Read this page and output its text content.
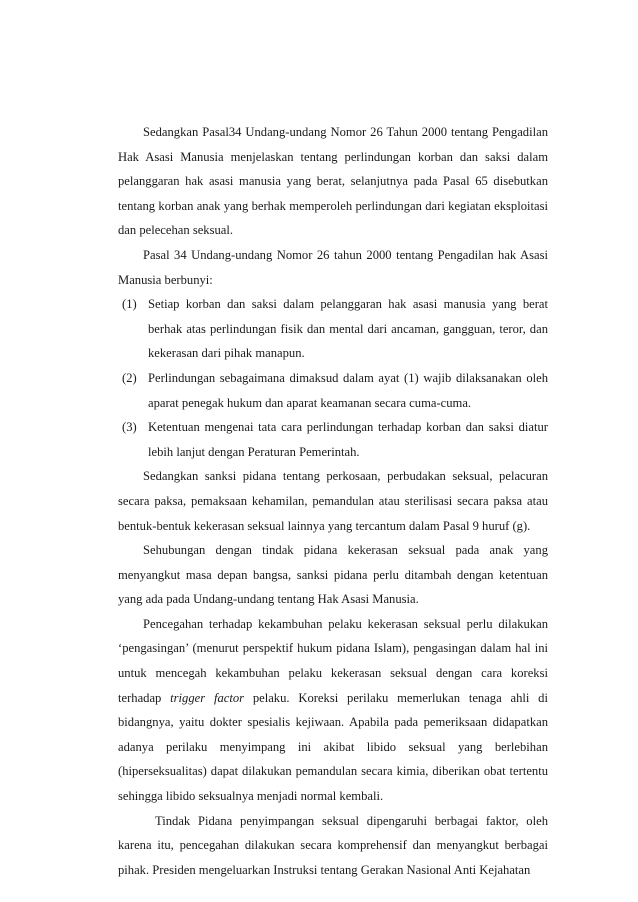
Sedangkan Pasal34 Undang-undang Nomor 26 Tahun 2000 tentang Pengadilan Hak Asasi Manusia menjelaskan tentang perlindungan korban dan saksi dalam pelanggaran hak asasi manusia yang berat, selanjutnya pada Pasal 65 disebutkan tentang korban anak yang berhak memperoleh perlindungan dari kegiatan eksploitasi dan pelecehan seksual.

Pasal 34 Undang-undang Nomor 26 tahun 2000 tentang Pengadilan hak Asasi Manusia berbunyi:

(1) Setiap korban dan saksi dalam pelanggaran hak asasi manusia yang berat berhak atas perlindungan fisik dan mental dari ancaman, gangguan, teror, dan kekerasan dari pihak manapun.
(2) Perlindungan sebagaimana dimaksud dalam ayat (1) wajib dilaksanakan oleh aparat penegak hukum dan aparat keamanan secara cuma-cuma.
(3) Ketentuan mengenai tata cara perlindungan terhadap korban dan saksi diatur lebih lanjut dengan Peraturan Pemerintah.

Sedangkan sanksi pidana tentang perkosaan, perbudakan seksual, pelacuran secara paksa, pemaksaan kehamilan, pemandulan atau sterilisasi secara paksa atau bentuk-bentuk kekerasan seksual lainnya yang tercantum dalam Pasal 9 huruf (g).

Sehubungan dengan tindak pidana kekerasan seksual pada anak yang menyangkut masa depan bangsa, sanksi pidana perlu ditambah dengan ketentuan yang ada pada Undang-undang tentang Hak Asasi Manusia.

Pencegahan terhadap kekambuhan pelaku kekerasan seksual perlu dilakukan ‘pengasingan’ (menurut perspektif hukum pidana Islam), pengasingan dalam hal ini untuk mencegah kekambuhan pelaku kekerasan seksual dengan cara koreksi terhadap trigger factor pelaku. Koreksi perilaku memerlukan tenaga ahli di bidangnya, yaitu dokter spesialis kejiwaan. Apabila pada pemeriksaan didapatkan adanya perilaku menyimpang ini akibat libido seksual yang berlebihan (hiperseksualitas) dapat dilakukan pemandulan secara kimia, diberikan obat tertentu sehingga libido seksualnya menjadi normal kembali.

Tindak Pidana penyimpangan seksual dipengaruhi berbagai faktor, oleh karena itu, pencegahan dilakukan secara komprehensif dan menyangkut berbagai pihak. Presiden mengeluarkan Instruksi tentang Gerakan Nasional Anti Kejahatan
